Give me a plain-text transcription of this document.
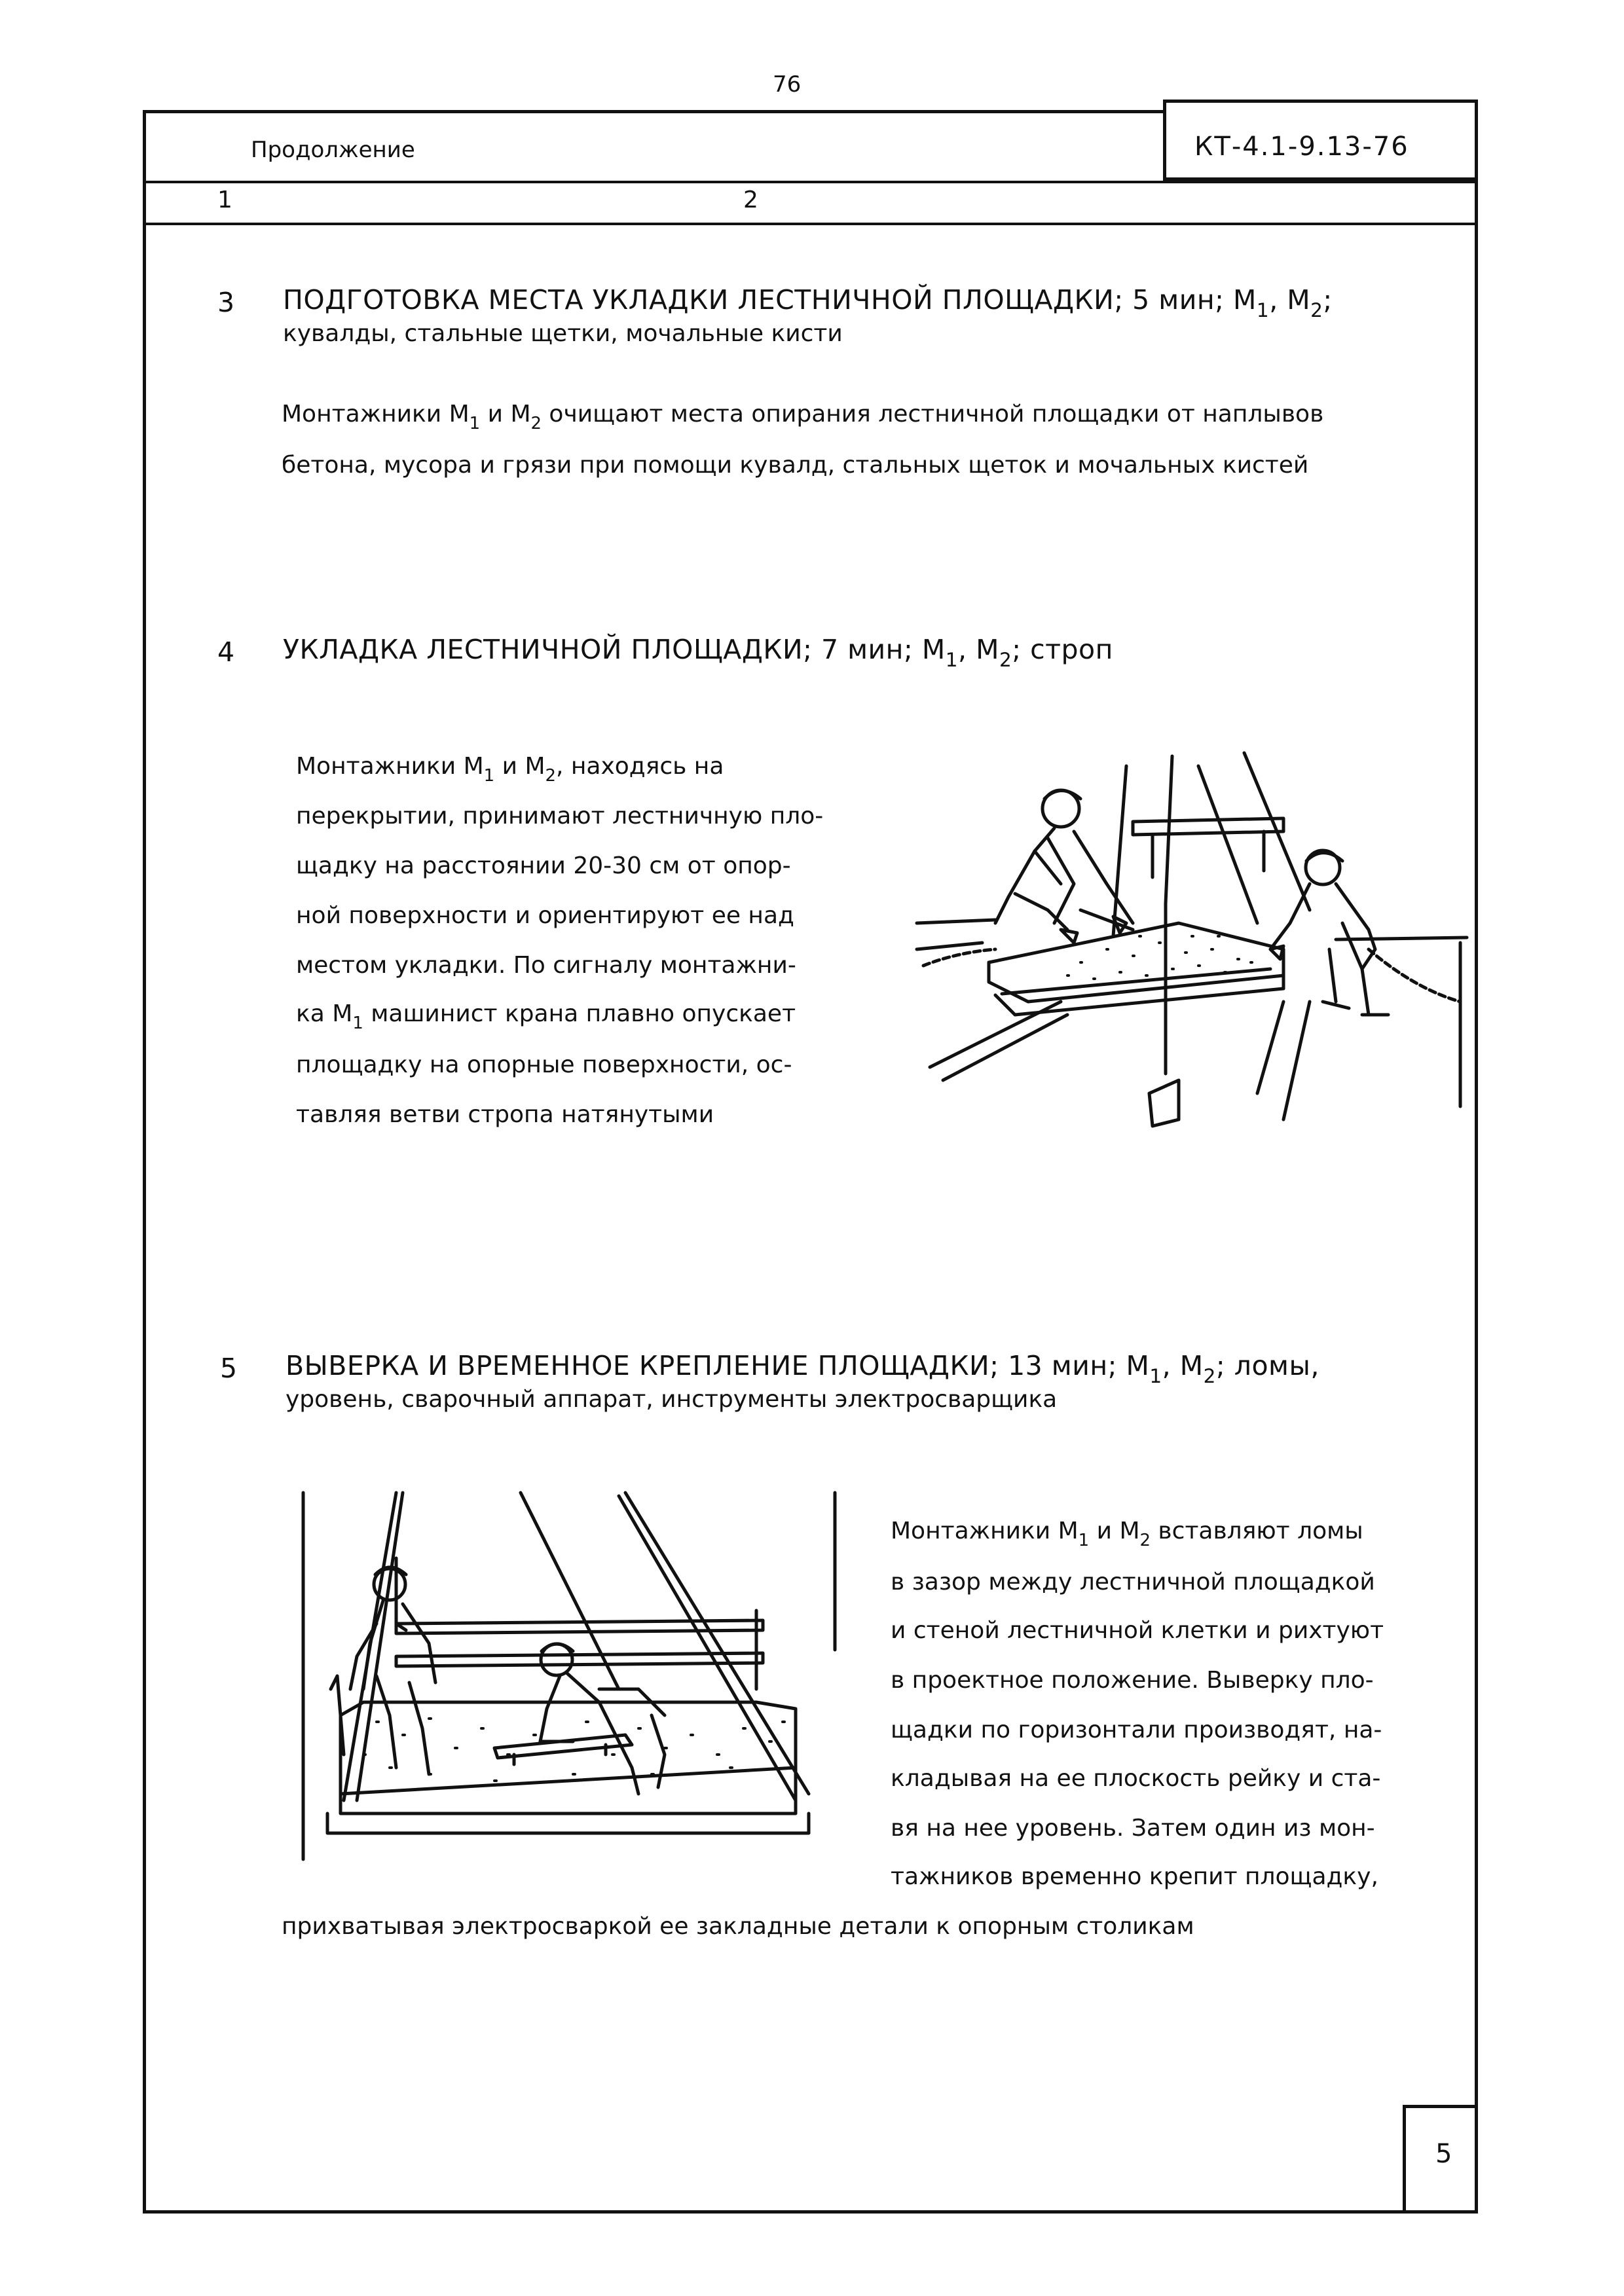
76
КТ-4.1-9.13-76
Продолжение
1	2
3 ПОДГОТОВКА МЕСТА УКЛАДКИ ЛЕСТНИЧНОЙ ПЛОЩАДКИ; 5 мин; $М_1$, $М_2$;
кувалды, стальные щетки, мочальные кисти
Монтажники $М_1$ и $М_2$ очищают места опирания лестничной площадки от наплывов
бетона, мусора и грязи при помощи кувалд, стальных щеток и мочальных кистей
4 УКЛАДКА ЛЕСТНИЧНОЙ ПЛОЩАДКИ; 7 мин; $М_1$, $М_2$; строп
Монтажники $М_1$ и $М_2$, находясь на
перекрытии, принимают лестничную пло-
щадку на расстоянии 20-30 см от опор-
ной поверхности и ориентируют ее над
местом укладки. По сигналу монтажни-
ка $М_1$ машинист крана плавно опускает
площадку на опорные поверхности, ос-
тавляя ветви стропа натянутыми
5 ВЫВЕРКА И ВРЕМЕННОЕ КРЕПЛЕНИЕ ПЛОЩАДКИ; 13 мин; $М_1$, $М_2$; ломы,
уровень, сварочный аппарат, инструменты электросварщика
Монтажники $М_1$ и $М_2$ вставляют ломы
в зазор между лестничной площадкой
и стеной лестничной клетки и рихтуют
в проектное положение. Выверку пло-
щадки по горизонтали производят, на-
кладывая на ее плоскость рейку и ста-
вя на нее уровень. Затем один из мон-
тажников временно крепит площадку,
прихватывая электросваркой ее закладные детали к опорным столикам
5
